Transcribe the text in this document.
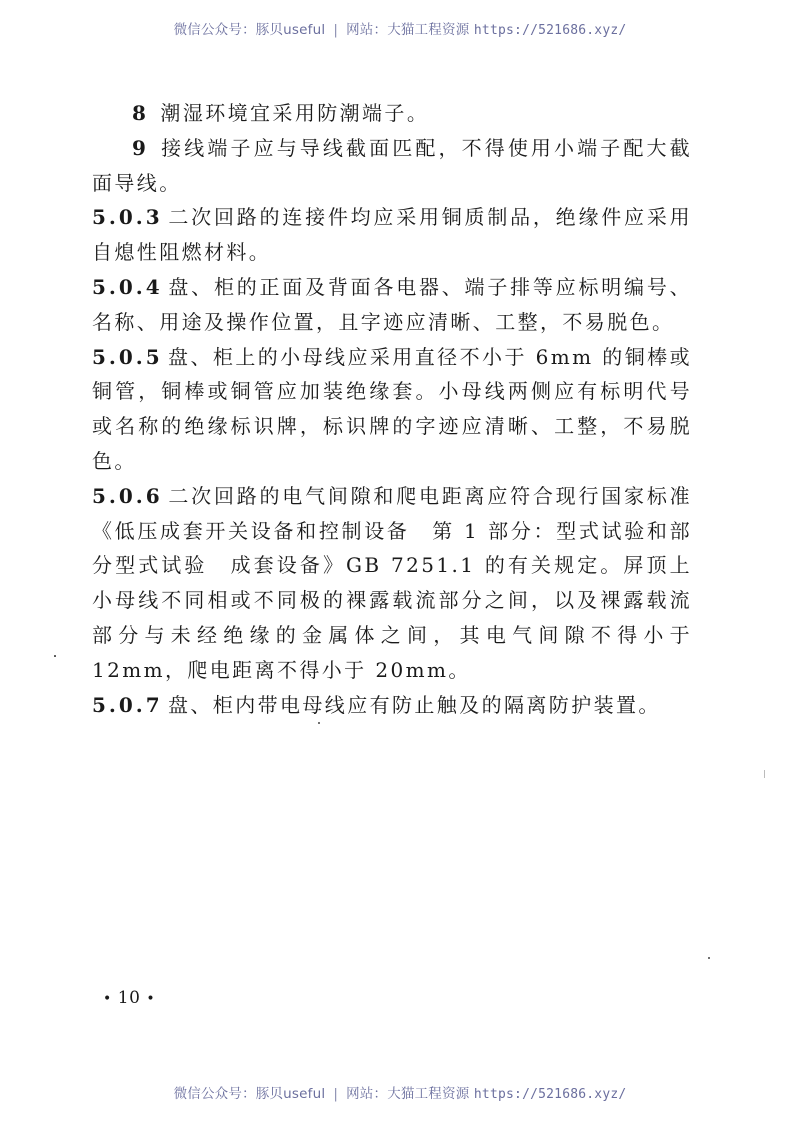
微信公众号：豚贝useful | 网站：大猫工程资源 https://521686.xyz/

8 潮湿环境宜采用防潮端子。

9 接线端子应与导线截面匹配，不得使用小端子配大截面导线。

5.0.3 二次回路的连接件均应采用铜质制品，绝缘件应采用自熄性阻燃材料。

5.0.4 盘、柜的正面及背面各电器、端子排等应标明编号、名称、用途及操作位置，且字迹应清晰、工整，不易脱色。

5.0.5 盘、柜上的小母线应采用直径不小于 6mm 的铜棒或铜管，铜棒或铜管应加装绝缘套。小母线两侧应有标明代号或名称的绝缘标识牌，标识牌的字迹应清晰、工整，不易脱色。

5.0.6 二次回路的电气间隙和爬电距离应符合现行国家标准《低压成套开关设备和控制设备　第 1 部分：型式试验和部分型式试验　成套设备》GB 7251.1 的有关规定。屏顶上小母线不同相或不同极的裸露载流部分之间，以及裸露载流部分与未经绝缘的金属体之间，其电气间隙不得小于 12mm，爬电距离不得小于 20mm。

5.0.7 盘、柜内带电母线应有防止触及的隔离防护装置。

• 10 •
微信公众号：豚贝useful | 网站：大猫工程资源 https://521686.xyz/
